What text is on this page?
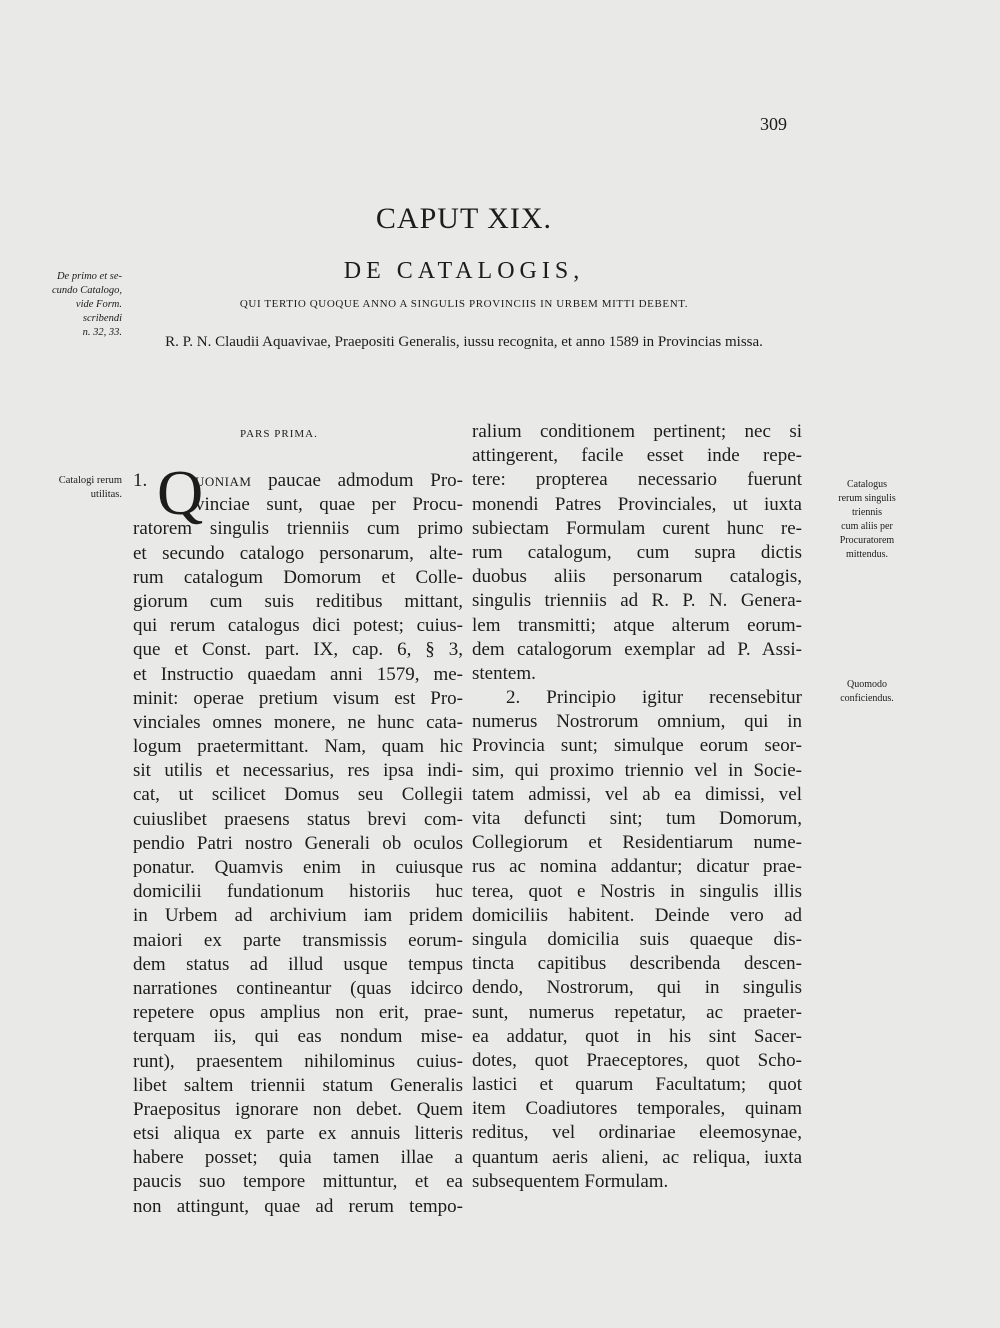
309
CAPUT XIX.
DE CATALOGIS,
QUI TERTIO QUOQUE ANNO A SINGULIS PROVINCIIS IN URBEM MITTI DEBENT.
R. P. N. Claudii Aquavivae, Praepositi Generalis, iussu recognita, et anno 1589 in Provincias missa.
De primo et se-
cundo Catalogo,
vide Form.
scribendi
n. 32, 33.
Catalogi rerum
utilitas.
Catalogus
rerum singulis
triennis
cum aliis per
Procuratorem
mittendus.
Quomodo
conficiendus.
PARS PRIMA.
1. Q
UONIAM paucae admodum Pro-
vinciae sunt, quae per Procu-
ratorem singulis trienniis cum primo
et secundo catalogo personarum, alte-
rum catalogum Domorum et Colle-
giorum cum suis reditibus mittant,
qui rerum catalogus dici potest; cuius-
que et Const. part. IX, cap. 6, § 3,
et Instructio quaedam anni 1579, me-
minit: operae pretium visum est Pro-
vinciales omnes monere, ne hunc cata-
logum praetermittant. Nam, quam hic
sit utilis et necessarius, res ipsa indi-
cat, ut scilicet Domus seu Collegii
cuiuslibet praesens status brevi com-
pendio Patri nostro Generali ob oculos
ponatur. Quamvis enim in cuiusque
domicilii fundationum historiis huc
in Urbem ad archivium iam pridem
maiori ex parte transmissis eorum-
dem status ad illud usque tempus
narrationes contineantur (quas idcirco
repetere opus amplius non erit, prae-
terquam iis, qui eas nondum mise-
runt), praesentem nihilominus cuius-
libet saltem triennii statum Generalis
Praepositus ignorare non debet. Quem
etsi aliqua ex parte ex annuis litteris
habere posset; quia tamen illae a
paucis suo tempore mittuntur, et ea
non attingunt, quae ad rerum tempo-
ralium conditionem pertinent; nec si
attingerent, facile esset inde repe-
tere: propterea necessario fuerunt
monendi Patres Provinciales, ut iuxta
subiectam Formulam curent hunc re-
rum catalogum, cum supra dictis
duobus aliis personarum catalogis,
singulis trienniis ad R. P. N. Genera-
lem transmitti; atque alterum eorum-
dem catalogorum exemplar ad P. Assi-
stentem.
2. Principio igitur recensebitur
numerus Nostrorum omnium, qui in
Provincia sunt; simulque eorum seor-
sim, qui proximo triennio vel in Socie-
tatem admissi, vel ab ea dimissi, vel
vita defuncti sint; tum Domorum,
Collegiorum et Residentiarum nume-
rus ac nomina addantur; dicatur prae-
terea, quot e Nostris in singulis illis
domiciliis habitent. Deinde vero ad
singula domicilia suis quaeque dis-
tincta capitibus describenda descen-
dendo, Nostrorum, qui in singulis
sunt, numerus repetatur, ac praeter-
ea addatur, quot in his sint Sacer-
dotes, quot Praeceptores, quot Scho-
lastici et quarum Facultatum; quot
item Coadiutores temporales, quinam
reditus, vel ordinariae eleemosynae,
quantum aeris alieni, ac reliqua, iuxta
subsequentem Formulam.
